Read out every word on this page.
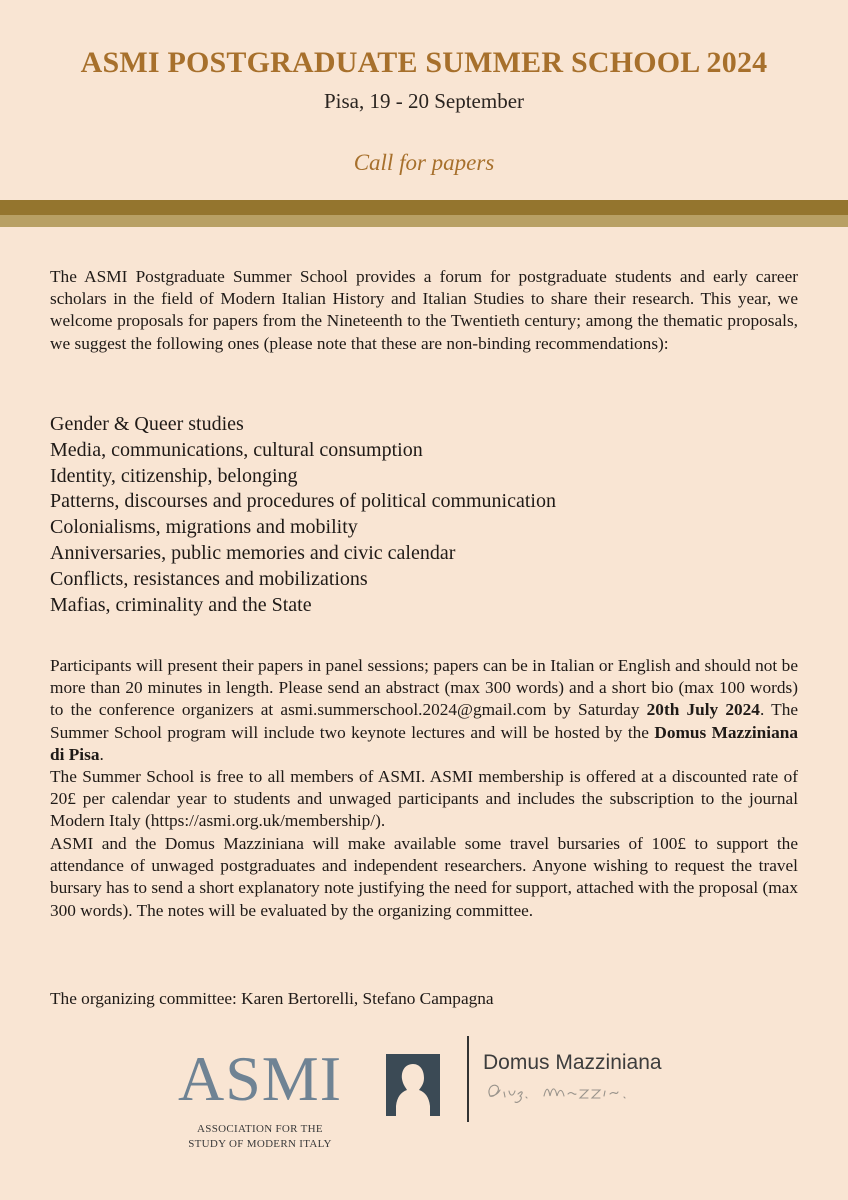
ASMI POSTGRADUATE SUMMER SCHOOL 2024

Pisa, 19 - 20 September

Call for papers

The ASMI Postgraduate Summer School provides a forum for postgraduate students and early career scholars in the field of Modern Italian History and Italian Studies to share their research. This year, we welcome proposals for papers from the Nineteenth to the Twentieth century; among the thematic proposals, we suggest the following ones (please note that these are non-binding recommendations):

Gender & Queer studies
Media, communications, cultural consumption
Identity, citizenship, belonging
Patterns, discourses and procedures of political communication
Colonialisms, migrations and mobility
Anniversaries, public memories and civic calendar
Conflicts, resistances and mobilizations
Mafias, criminality and the State

Participants will present their papers in panel sessions; papers can be in Italian or English and should not be more than 20 minutes in length. Please send an abstract (max 300 words) and a short bio (max 100 words) to the conference organizers at asmi.summerschool.2024@gmail.com by Saturday 20th July 2024. The Summer School program will include two keynote lectures and will be hosted by the Domus Mazziniana di Pisa.

The Summer School is free to all members of ASMI. ASMI membership is offered at a discounted rate of 20£ per calendar year to students and unwaged participants and includes the subscription to the journal Modern Italy (https://asmi.org.uk/membership/).

ASMI and the Domus Mazziniana will make available some travel bursaries of 100£ to support the attendance of unwaged postgraduates and independent researchers. Anyone wishing to request the travel bursary has to send a short explanatory note justifying the need for support, attached with the proposal (max 300 words). The notes will be evaluated by the organizing committee.

The organizing committee: Karen Bertorelli, Stefano Campagna

ASMI
ASSOCIATION FOR THE
STUDY OF MODERN ITALY
Domus Mazziniana
